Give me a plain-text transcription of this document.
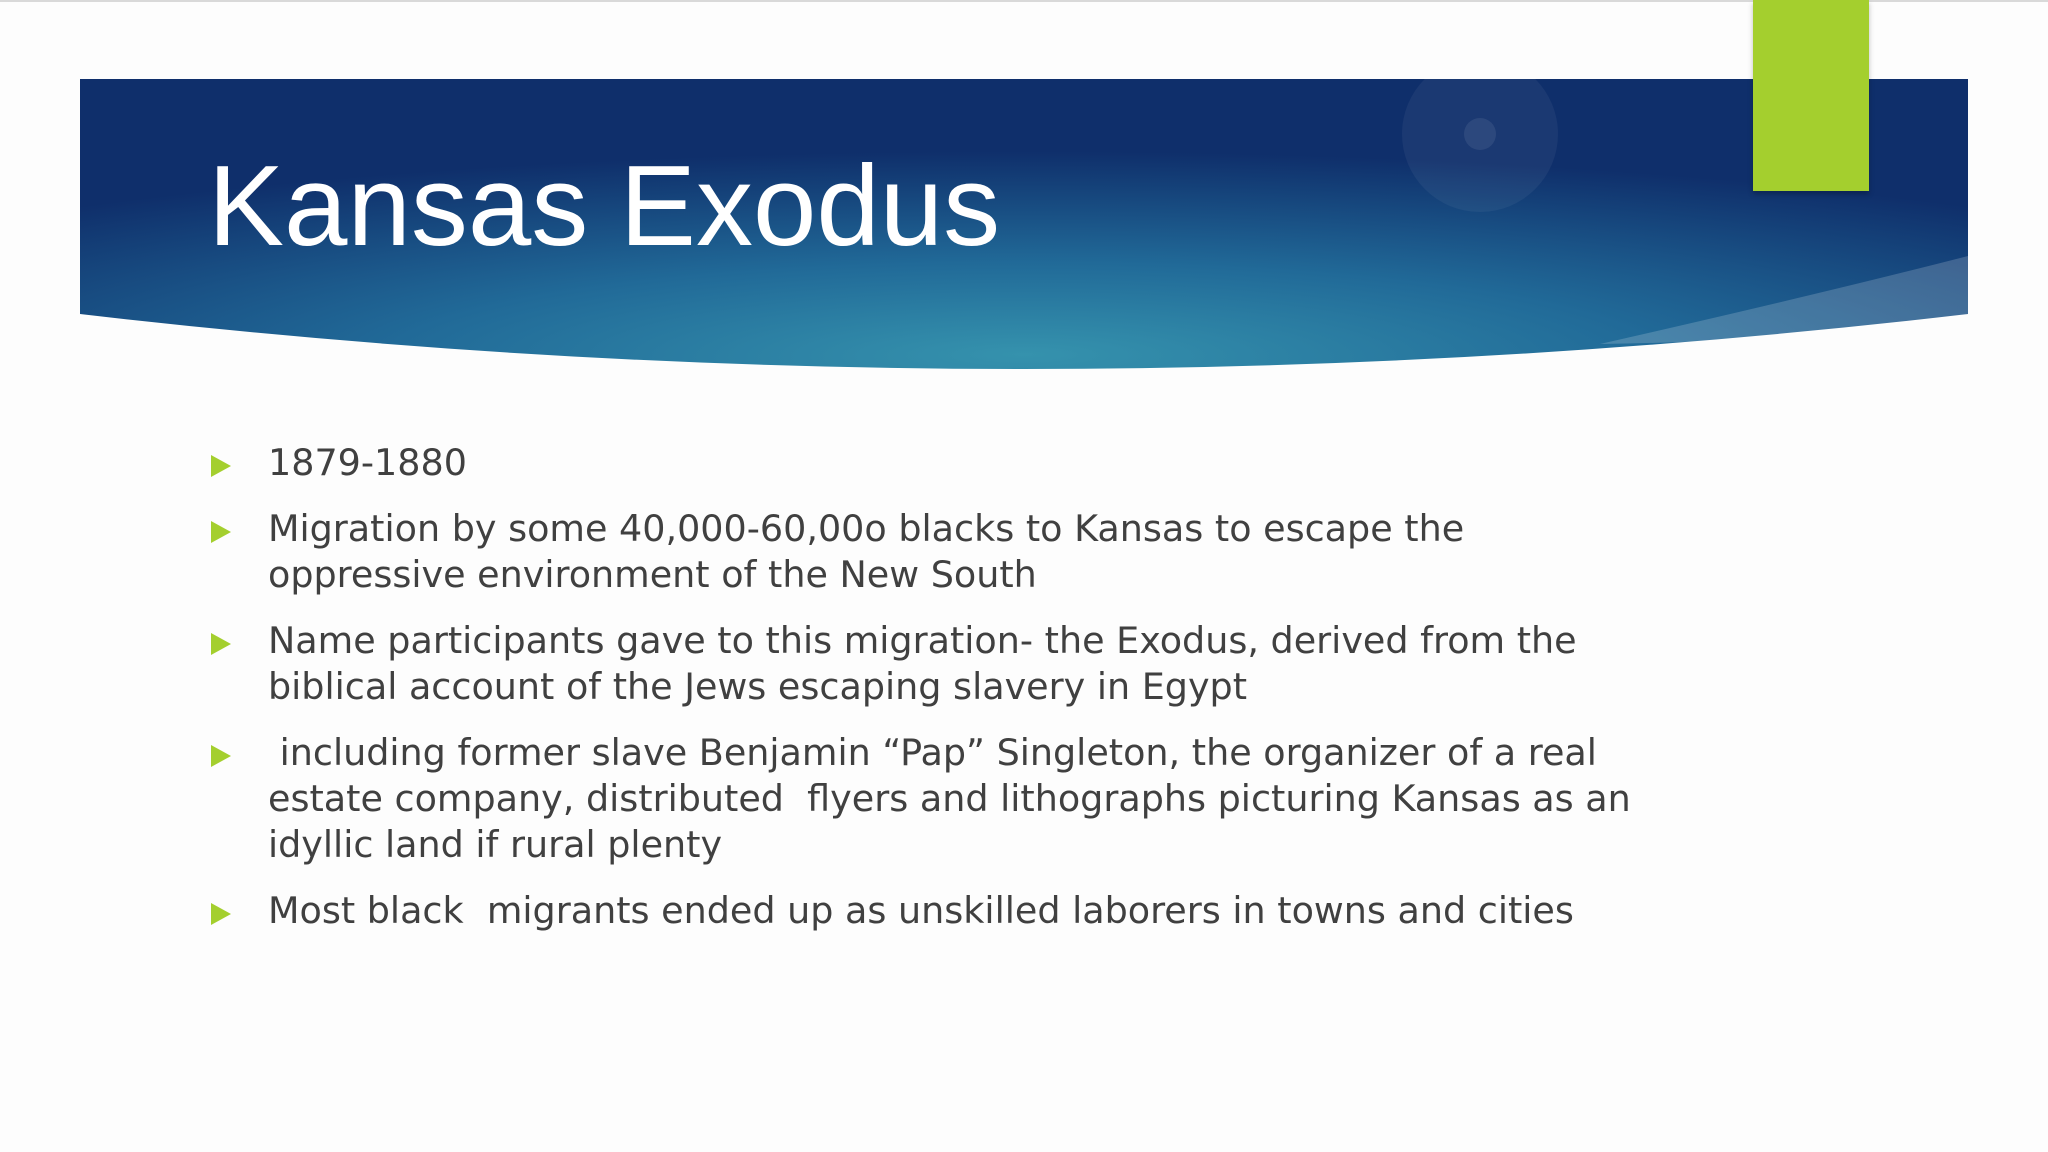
Kansas Exodus
1879-1880
Migration by some 40,000-60,00o blacks to Kansas to escape the oppressive environment of the New South
Name participants gave to this migration- the Exodus, derived from the biblical account of the Jews escaping slavery in Egypt
including former slave Benjamin “Pap” Singleton, the organizer of a real estate company, distributed  flyers and lithographs picturing Kansas as an idyllic land if rural plenty
Most black  migrants ended up as unskilled laborers in towns and cities
